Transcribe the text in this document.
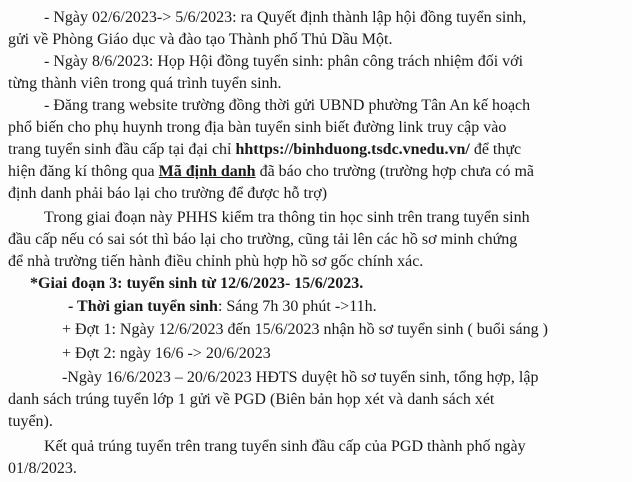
- Ngày 02/6/2023-> 5/6/2023: ra Quyết định thành lập hội đồng tuyển sinh,
gửi về Phòng Giáo dục và đào tạo Thành phố Thủ Dầu Một.
- Ngày 8/6/2023: Họp Hội đồng tuyển sinh: phân công trách nhiệm đối với
từng thành viên trong quá trình tuyển sinh.
- Đăng trang website trường đồng thời gửi UBND phường Tân An kế hoạch
phổ biến cho phụ huynh trong địa bàn tuyển sinh biết đường link truy cập vào
trang tuyển sinh đầu cấp tại đại chỉ hhttps://binhduong.tsdc.vnedu.vn/ để thực
hiện đăng kí thông qua Mã định danh đã báo cho trường (trường hợp chưa có mã
định danh phải báo lại cho trường để được hỗ trợ)
Trong giai đoạn này PHHS kiểm tra thông tin học sinh trên trang tuyển sinh
đầu cấp nếu có sai sót thì báo lại cho trường, cũng tải lên các hồ sơ minh chứng
để nhà trường tiến hành điều chỉnh phù hợp hồ sơ gốc chính xác.
*Giai đoạn 3: tuyển sinh từ 12/6/2023- 15/6/2023.
- Thời gian tuyển sinh: Sáng 7h 30 phút ->11h.
+ Đợt 1: Ngày 12/6/2023 đến 15/6/2023 nhận hồ sơ tuyển sinh ( buổi sáng )
+ Đợt 2: ngày 16/6 -> 20/6/2023
-Ngày 16/6/2023 – 20/6/2023 HĐTS duyệt hồ sơ tuyển sinh, tổng hợp, lập
danh sách trúng tuyển lớp 1 gửi về PGD (Biên bản họp xét và danh sách xét
tuyển).
Kết quả trúng tuyển trên trang tuyển sinh đầu cấp của PGD thành phố ngày
01/8/2023.
